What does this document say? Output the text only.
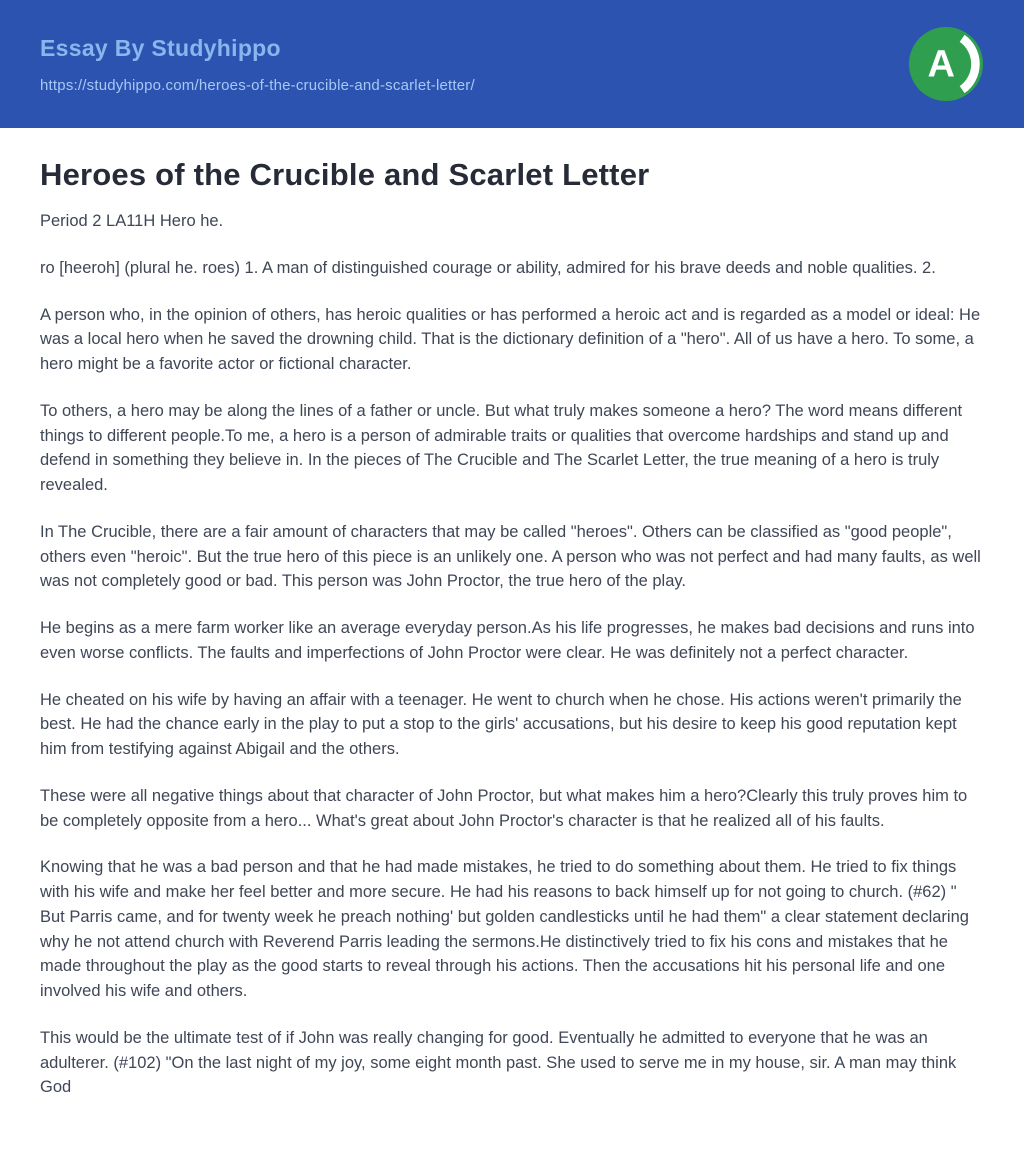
Essay By Studyhippo
https://studyhippo.com/heroes-of-the-crucible-and-scarlet-letter/	A
Heroes of the Crucible and Scarlet Letter

Period 2 LA11H Hero he.

ro [heeroh] (plural he. roes) 1. A man of distinguished courage or ability, admired for his brave deeds and noble qualities. 2.

A person who, in the opinion of others, has heroic qualities or has performed a heroic act and is regarded as a model or ideal: He was a local hero when he saved the drowning child. That is the dictionary definition of a "hero". All of us have a hero. To some, a hero might be a favorite actor or fictional character.

To others, a hero may be along the lines of a father or uncle. But what truly makes someone a hero? The word means different things to different people.To me, a hero is a person of admirable traits or qualities that overcome hardships and stand up and defend in something they believe in. In the pieces of The Crucible and The Scarlet Letter, the true meaning of a hero is truly revealed.

In The Crucible, there are a fair amount of characters that may be called "heroes". Others can be classified as "good people", others even "heroic". But the true hero of this piece is an unlikely one. A person who was not perfect and had many faults, as well was not completely good or bad. This person was John Proctor, the true hero of the play.

He begins as a mere farm worker like an average everyday person.As his life progresses, he makes bad decisions and runs into even worse conflicts. The faults and imperfections of John Proctor were clear. He was definitely not a perfect character.

He cheated on his wife by having an affair with a teenager. He went to church when he chose. His actions weren't primarily the best. He had the chance early in the play to put a stop to the girls' accusations, but his desire to keep his good reputation kept him from testifying against Abigail and the others.

These were all negative things about that character of John Proctor, but what makes him a hero?Clearly this truly proves him to be completely opposite from a hero... What's great about John Proctor's character is that he realized all of his faults.

Knowing that he was a bad person and that he had made mistakes, he tried to do something about them. He tried to fix things with his wife and make her feel better and more secure. He had his reasons to back himself up for not going to church. (#62) " But Parris came, and for twenty week he preach nothing' but golden candlesticks until he had them" a clear statement declaring why he not attend church with Reverend Parris leading the sermons.He distinctively tried to fix his cons and mistakes that he made throughout the play as the good starts to reveal through his actions. Then the accusations hit his personal life and one involved his wife and others.

This would be the ultimate test of if John was really changing for good. Eventually he admitted to everyone that he was an adulterer. (#102) "On the last night of my joy, some eight month past. She used to serve me in my house, sir. A man may think God
